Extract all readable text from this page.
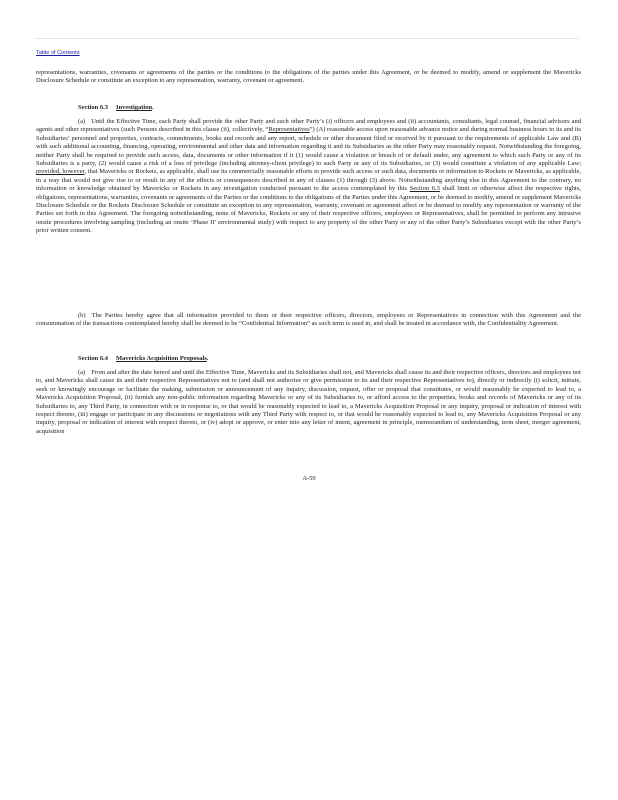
Table of Contents
representations, warranties, covenants or agreements of the parties or the conditions to the obligations of the parties under this Agreement, or be deemed to modify, amend or supplement the Mavericks Disclosure Schedule or constitute an exception to any representation, warranty, covenant or agreement.
Section 6.3 Investigation.
(a) Until the Effective Time, each Party shall provide the other Party and such other Party’s (i) officers and employees and (ii) accountants, consultants, legal counsel, financial advisors and agents and other representatives (such Persons described in this clause (ii), collectively, “Representatives”) (A) reasonable access upon reasonable advance notice and during normal business hours to its and its Subsidiaries’ personnel and properties, contracts, commitments, books and records and any report, schedule or other document filed or received by it pursuant to the requirements of applicable Law and (B) with such additional accounting, financing, operating, environmental and other data and information regarding it and its Subsidiaries as the other Party may reasonably request. Notwithstanding the foregoing, neither Party shall be required to provide such access, data, documents or other information if it (1) would cause a violation or breach of or default under, any agreement to which such Party or any of its Subsidiaries is a party, (2) would cause a risk of a loss of privilege (including attorney-client privilege) to such Party or any of its Subsidiaries, or (3) would constitute a violation of any applicable Law; provided, however, that Mavericks or Rockets, as applicable, shall use its commercially reasonable efforts to provide such access or such data, documents or information to Rockets or Mavericks, as applicable, in a way that would not give rise to or result in any of the effects or consequences described in any of clauses (1) through (3) above. Notwithstanding anything else in this Agreement to the contrary, no information or knowledge obtained by Mavericks or Rockets in any investigation conducted pursuant to the access contemplated by this Section 6.3 shall limit or otherwise affect the respective rights, obligations, representations, warranties, covenants or agreements of the Parties or the conditions to the obligations of the Parties under this Agreement, or be deemed to modify, amend or supplement Mavericks Disclosure Schedule or the Rockets Disclosure Schedule or constitute an exception to any representation, warranty, covenant or agreement affect or be deemed to modify any representation or warranty of the Parties set forth in this Agreement. The foregoing notwithstanding, none of Mavericks, Rockets or any of their respective officers, employees or Representatives, shall be permitted to perform any intrusive onsite procedures involving sampling (including an onsite ‘Phase II’ environmental study) with respect to any property of the other Party or any of the other Party’s Subsidiaries except with the other Party’s prior written consent.
(b) The Parties hereby agree that all information provided to them or their respective officers, directors, employees or Representatives in connection with this Agreement and the consummation of the transactions contemplated hereby shall be deemed to be “Confidential Information” as such term is used in, and shall be treated in accordance with, the Confidentiality Agreement.
Section 6.4 Mavericks Acquisition Proposals.
(a) From and after the date hereof and until the Effective Time, Mavericks and its Subsidiaries shall not, and Mavericks shall cause its and their respective officers, directors and employees not to, and Mavericks shall cause its and their respective Representatives not to (and shall not authorize or give permission to its and their respective Representatives to), directly or indirectly (i) solicit, initiate, seek or knowingly encourage or facilitate the making, submission or announcement of any inquiry, discussion, request, offer or proposal that constitutes, or would reasonably be expected to lead to, a Mavericks Acquisition Proposal, (ii) furnish any non-public information regarding Mavericks or any of its Subsidiaries to, or afford access to the properties, books and records of Mavericks or any of its Subsidiaries to, any Third Party, in connection with or in response to, or that would be reasonably expected to lead to, a Mavericks Acquisition Proposal or any inquiry, proposal or indication of interest with respect thereto, (iii) engage or participate in any discussions or negotiations with any Third Party with respect to, or that would be reasonably expected to lead to, any Mavericks Acquisition Proposal or any inquiry, proposal or indication of interest with respect thereto, or (iv) adopt or approve, or enter into any letter of intent, agreement in principle, memorandum of understanding, term sheet, merger agreement, acquisition
A-59
